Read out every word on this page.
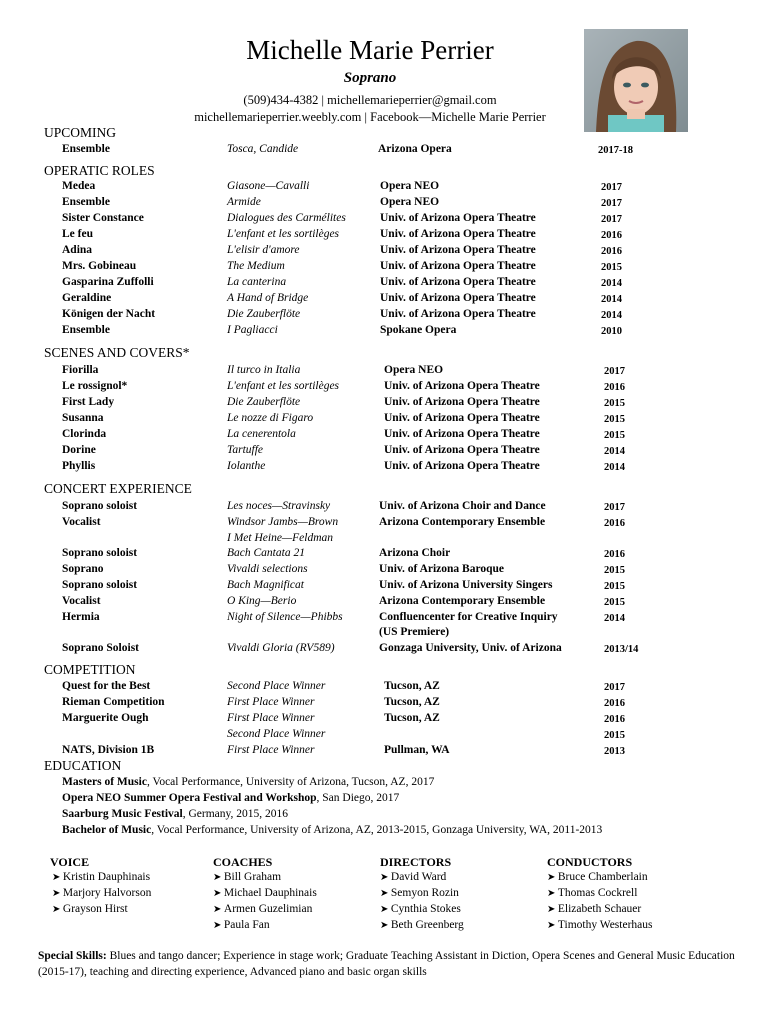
Michelle Marie Perrier
Soprano
(509)434-4382 | michellemarieperrier@gmail.com
michellemarieperrier.weebly.com | Facebook—Michelle Marie Perrier
UPCOMING
Ensemble	Tosca, Candide	Arizona Opera	2017-18
OPERATIC ROLES
Medea	Giasone—Cavalli	Opera NEO	2017
Ensemble	Armide	Opera NEO	2017
Sister Constance	Dialogues des Carmélites	Univ. of Arizona Opera Theatre	2017
Le feu	L'enfant et les sortilèges	Univ. of Arizona Opera Theatre	2016
Adina	L'elisir d'amore	Univ. of Arizona Opera Theatre	2016
Mrs. Gobineau	The Medium	Univ. of Arizona Opera Theatre	2015
Gasparina Zuffolli	La canterina	Univ. of Arizona Opera Theatre	2014
Geraldine	A Hand of Bridge	Univ. of Arizona Opera Theatre	2014
Königen der Nacht	Die Zauberflöte	Univ. of Arizona Opera Theatre	2014
Ensemble	I Pagliacci	Spokane Opera	2010
SCENES AND COVERS*
Fiorilla	Il turco in Italia	Opera NEO	2017
Le rossignol*	L'enfant et les sortilèges	Univ. of Arizona Opera Theatre	2016
First Lady	Die Zauberflöte	Univ. of Arizona Opera Theatre	2015
Susanna	Le nozze di Figaro	Univ. of Arizona Opera Theatre	2015
Clorinda	La cenerentola	Univ. of Arizona Opera Theatre	2015
Dorine	Tartuffe	Univ. of Arizona Opera Theatre	2014
Phyllis	Iolanthe	Univ. of Arizona Opera Theatre	2014
CONCERT EXPERIENCE
Soprano soloist	Les noces—Stravinsky	Univ. of Arizona Choir and Dance	2017
Vocalist	Windsor Jambs—Brown	Arizona Contemporary Ensemble	2016
I Met Heine—Feldman
Soprano soloist	Bach Cantata 21	Arizona Choir	2016
Soprano	Vivaldi selections	Univ. of Arizona Baroque	2015
Soprano soloist	Bach Magnificat	Univ. of Arizona University Singers	2015
Vocalist	O King—Berio	Arizona Contemporary Ensemble	2015
Hermia	Night of Silence—Phibbs	Confluencenter for Creative Inquiry	2014
(US Premiere)
Soprano Soloist	Vivaldi Gloria (RV589)	Gonzaga University, Univ. of Arizona	2013/14
COMPETITION
Quest for the Best	Second Place Winner	Tucson, AZ	2017
Rieman Competition	First Place Winner	Tucson, AZ	2016
Marguerite Ough	First Place Winner	Tucson, AZ	2016
Second Place Winner	2015
NATS, Division 1B	First Place Winner	Pullman, WA	2013
EDUCATION
Masters of Music, Vocal Performance, University of Arizona, Tucson, AZ, 2017
Opera NEO Summer Opera Festival and Workshop, San Diego, 2017
Saarburg Music Festival, Germany, 2015, 2016
Bachelor of Music, Vocal Performance, University of Arizona, AZ, 2013-2015, Gonzaga University, WA, 2011-2013
VOICE
➤ Kristin Dauphinais
➤ Marjory Halvorson
➤ Grayson Hirst
COACHES
➤ Bill Graham
➤ Michael Dauphinais
➤ Armen Guzelimian
➤ Paula Fan
DIRECTORS
➤ David Ward
➤ Semyon Rozin
➤ Cynthia Stokes
➤ Beth Greenberg
CONDUCTORS
➤ Bruce Chamberlain
➤ Thomas Cockrell
➤ Elizabeth Schauer
➤ Timothy Westerhaus
Special Skills: Blues and tango dancer; Experience in stage work; Graduate Teaching Assistant in Diction, Opera Scenes and General Music Education (2015-17), teaching and directing experience, Advanced piano and basic organ skills
